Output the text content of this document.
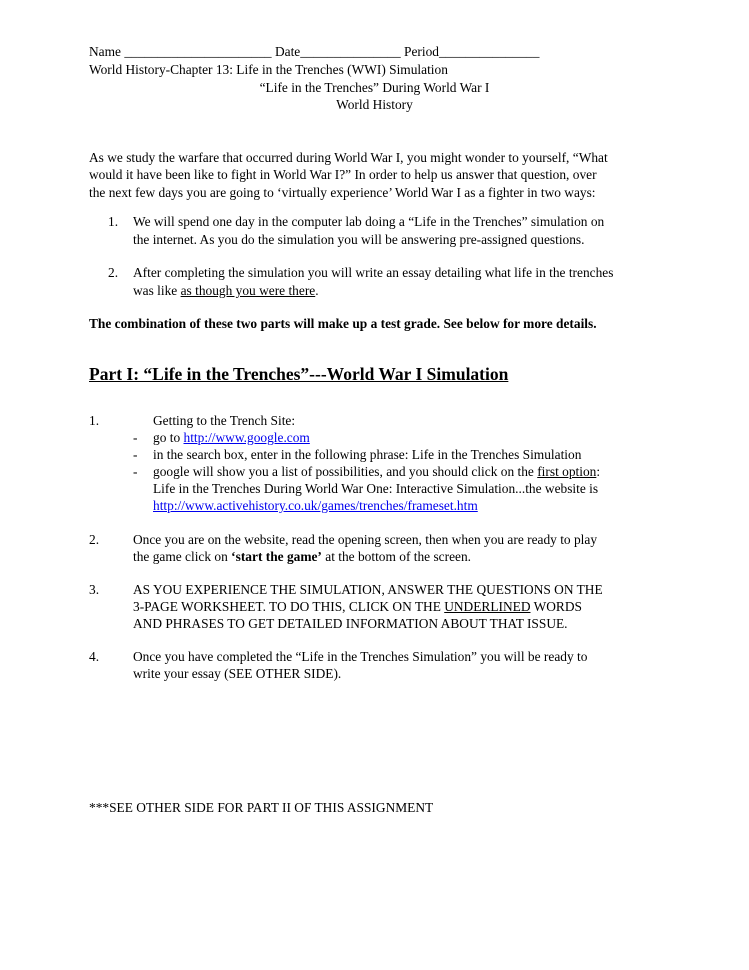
Name ______________________ Date_______________ Period_______________
World History-Chapter 13: Life in the Trenches (WWI) Simulation
“Life in the Trenches” During World War I
World History
As we study the warfare that occurred during World War I, you might wonder to yourself, “What
would it have been like to fight in World War I?” In order to help us answer that question, over
the next few days you are going to ‘virtually experience’ World War I as a fighter in two ways:
1. We will spend one day in the computer lab doing a “Life in the Trenches” simulation on
the internet. As you do the simulation you will be answering pre-assigned questions.
2. After completing the simulation you will write an essay detailing what life in the trenches
was like as though you were there.
The combination of these two parts will make up a test grade. See below for more details.
Part I: “Life in the Trenches”---World War I Simulation
1.	Getting to the Trench Site:
- go to http://www.google.com
- in the search box, enter in the following phrase: Life in the Trenches Simulation
- google will show you a list of possibilities, and you should click on the first option:
Life in the Trenches During World War One: Interactive Simulation...the website is
http://www.activehistory.co.uk/games/trenches/frameset.htm
2.	Once you are on the website, read the opening screen, then when you are ready to play
the game click on ‘start the game’ at the bottom of the screen.
3.	AS YOU EXPERIENCE THE SIMULATION, ANSWER THE QUESTIONS ON THE
3-PAGE WORKSHEET. TO DO THIS, CLICK ON THE UNDERLINED WORDS
AND PHRASES TO GET DETAILED INFORMATION ABOUT THAT ISSUE.
4.	Once you have completed the “Life in the Trenches Simulation” you will be ready to
write your essay (SEE OTHER SIDE).
***SEE OTHER SIDE FOR PART II OF THIS ASSIGNMENT
